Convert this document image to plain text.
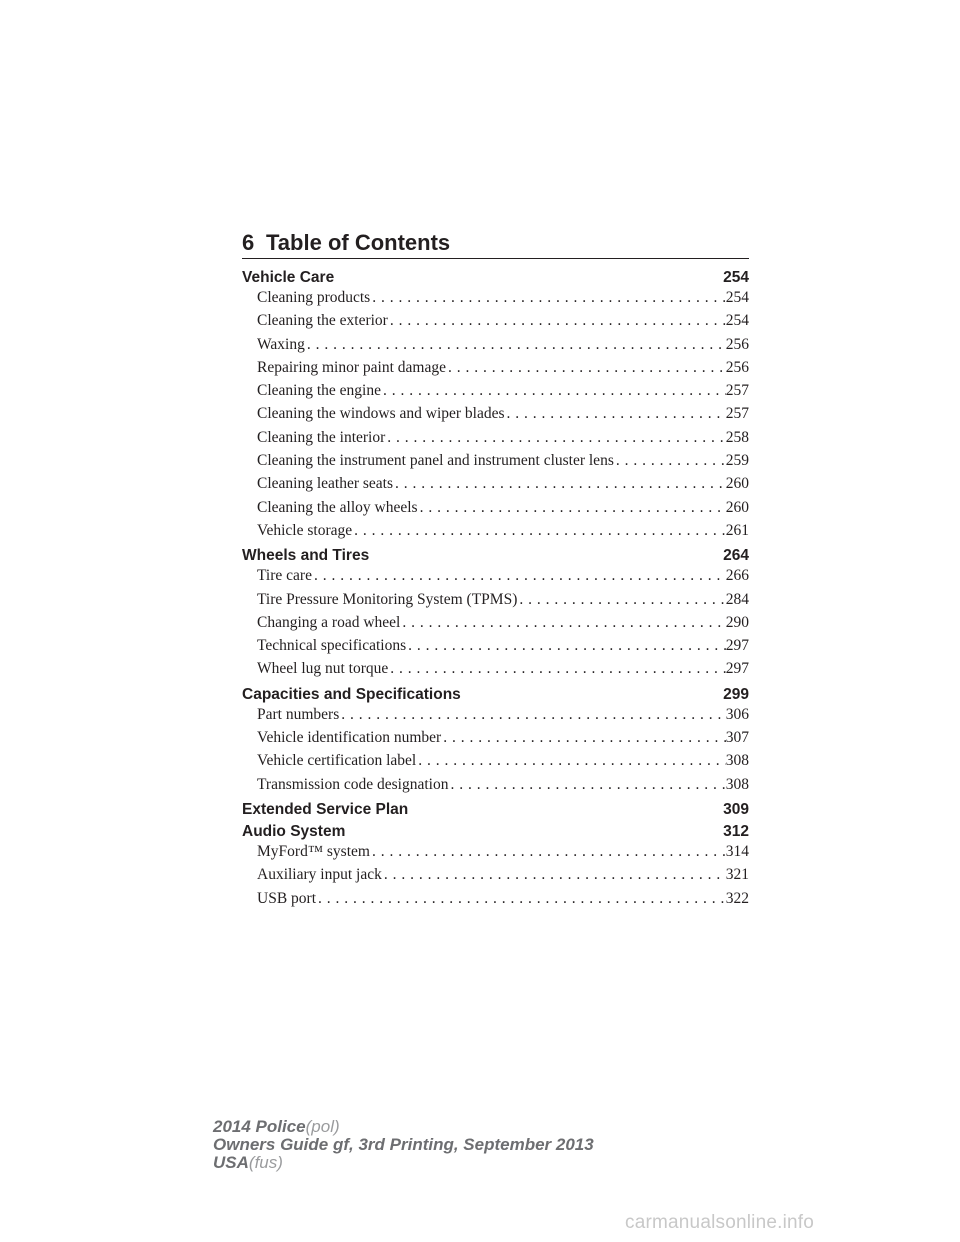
6 Table of Contents
Vehicle Care	254
Cleaning products . . .	254
Cleaning the exterior . . .	254
Waxing . . .	256
Repairing minor paint damage . . .	256
Cleaning the engine . . .	257
Cleaning the windows and wiper blades . . .	257
Cleaning the interior . . .	258
Cleaning the instrument panel and instrument cluster lens . . .	259
Cleaning leather seats . . .	260
Cleaning the alloy wheels . . .	260
Vehicle storage . . .	261
Wheels and Tires	264
Tire care . . .	266
Tire Pressure Monitoring System (TPMS) . . .	284
Changing a road wheel . . .	290
Technical specifications . . .	297
Wheel lug nut torque . . .	297
Capacities and Specifications	299
Part numbers . . .	306
Vehicle identification number . . .	307
Vehicle certification label . . .	308
Transmission code designation . . .	308
Extended Service Plan	309
Audio System	312
MyFord™ system . . .	314
Auxiliary input jack . . .	321
USB port . . .	322
2014 Police(pol)
Owners Guide gf, 3rd Printing, September 2013
USA(fus)
carmanualsonline.info
